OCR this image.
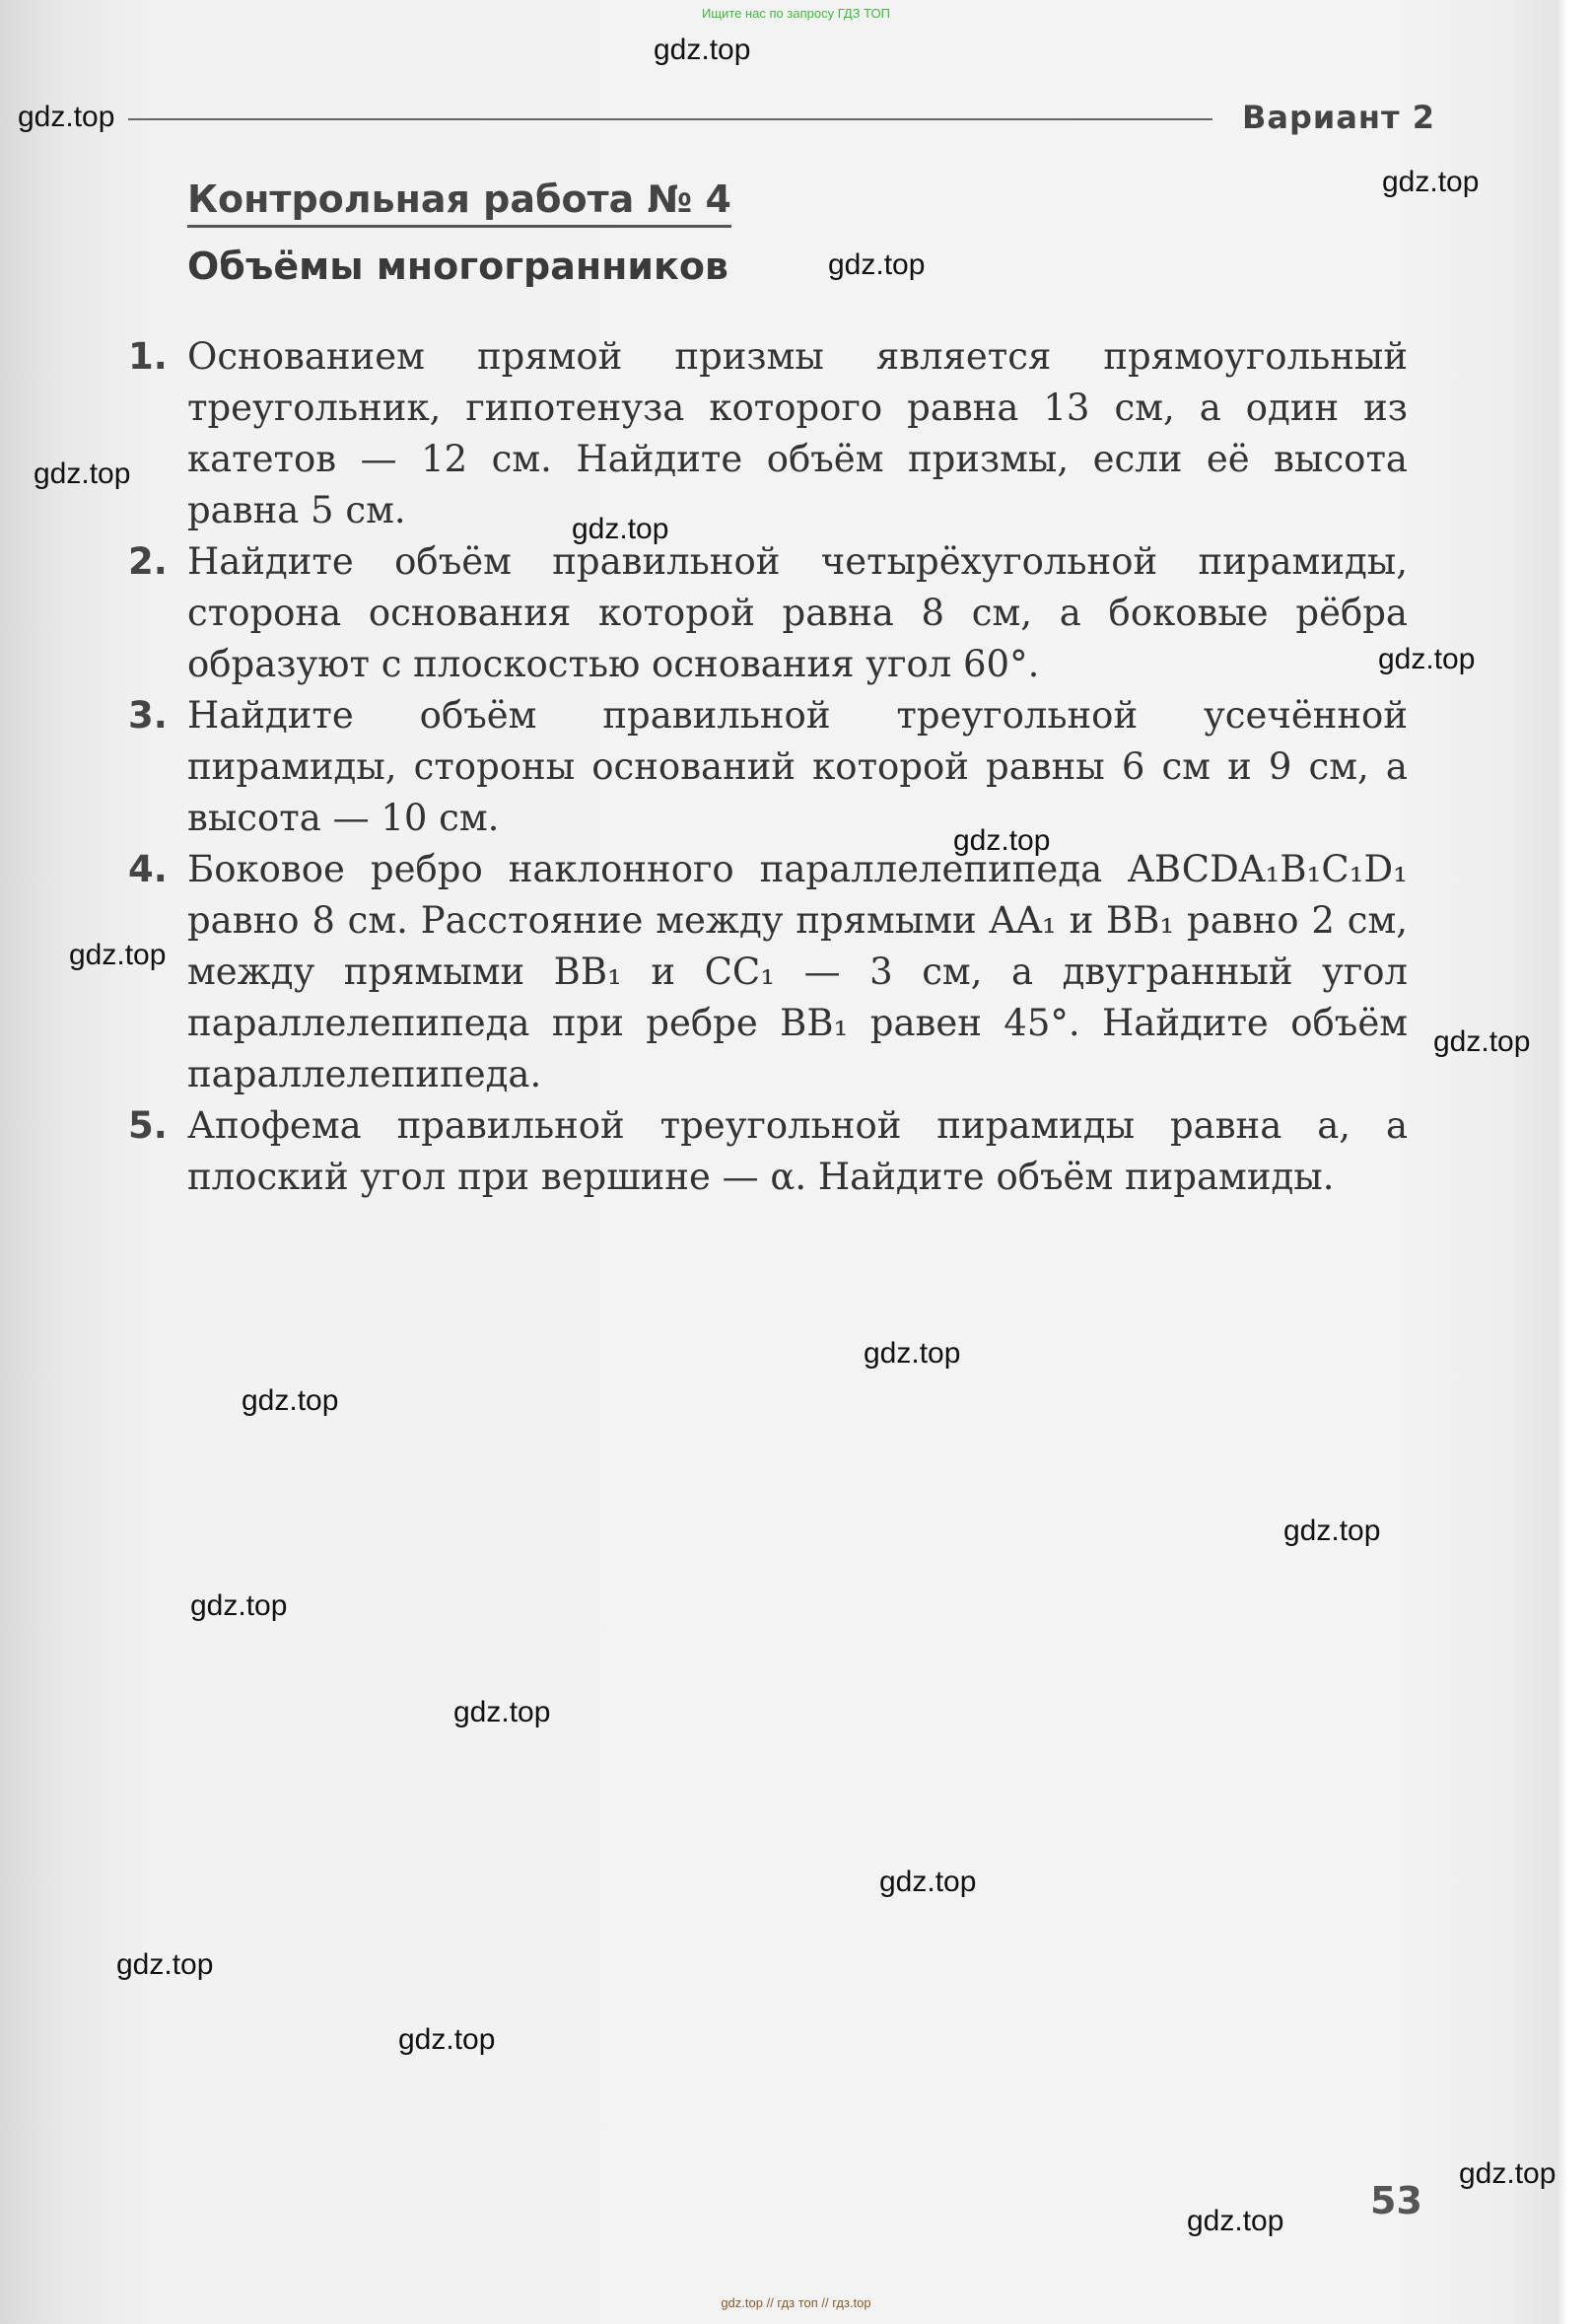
Ищите нас по запросу ГДЗ ТОП
Вариант 2
Контрольная работа № 4
Объёмы многогранников
1. Основанием прямой призмы является прямоугольный треугольник, гипотенуза которого равна 13 см, а один из катетов — 12 см. Найдите объём призмы, если её высота равна 5 см.
2. Найдите объём правильной четырёхугольной пирамиды, сторона основания которой равна 8 см, а боковые рёбра образуют с плоскостью основания угол 60°.
3. Найдите объём правильной треугольной усечённой пирамиды, стороны оснований которой равны 6 см и 9 см, а высота — 10 см.
4. Боковое ребро наклонного параллелепипеда ABCDA₁B₁C₁D₁ равно 8 см. Расстояние между прямыми AA₁ и BB₁ равно 2 см, между прямыми BB₁ и CC₁ — 3 см, а двугранный угол параллелепипеда при ребре BB₁ равен 45°. Найдите объём параллелепипеда.
5. Апофема правильной треугольной пирамиды равна a, а плоский угол при вершине — α. Найдите объём пирамиды.
53
gdz.top
gdz.top
gdz.top
gdz.top
gdz.top
gdz.top
gdz.top
gdz.top
gdz.top
gdz.top
gdz.top
gdz.top
gdz.top
gdz.top
gdz.top
gdz.top
gdz.top
gdz.top
gdz.top
gdz.top
gdz.top // гдз топ // гдз.top
